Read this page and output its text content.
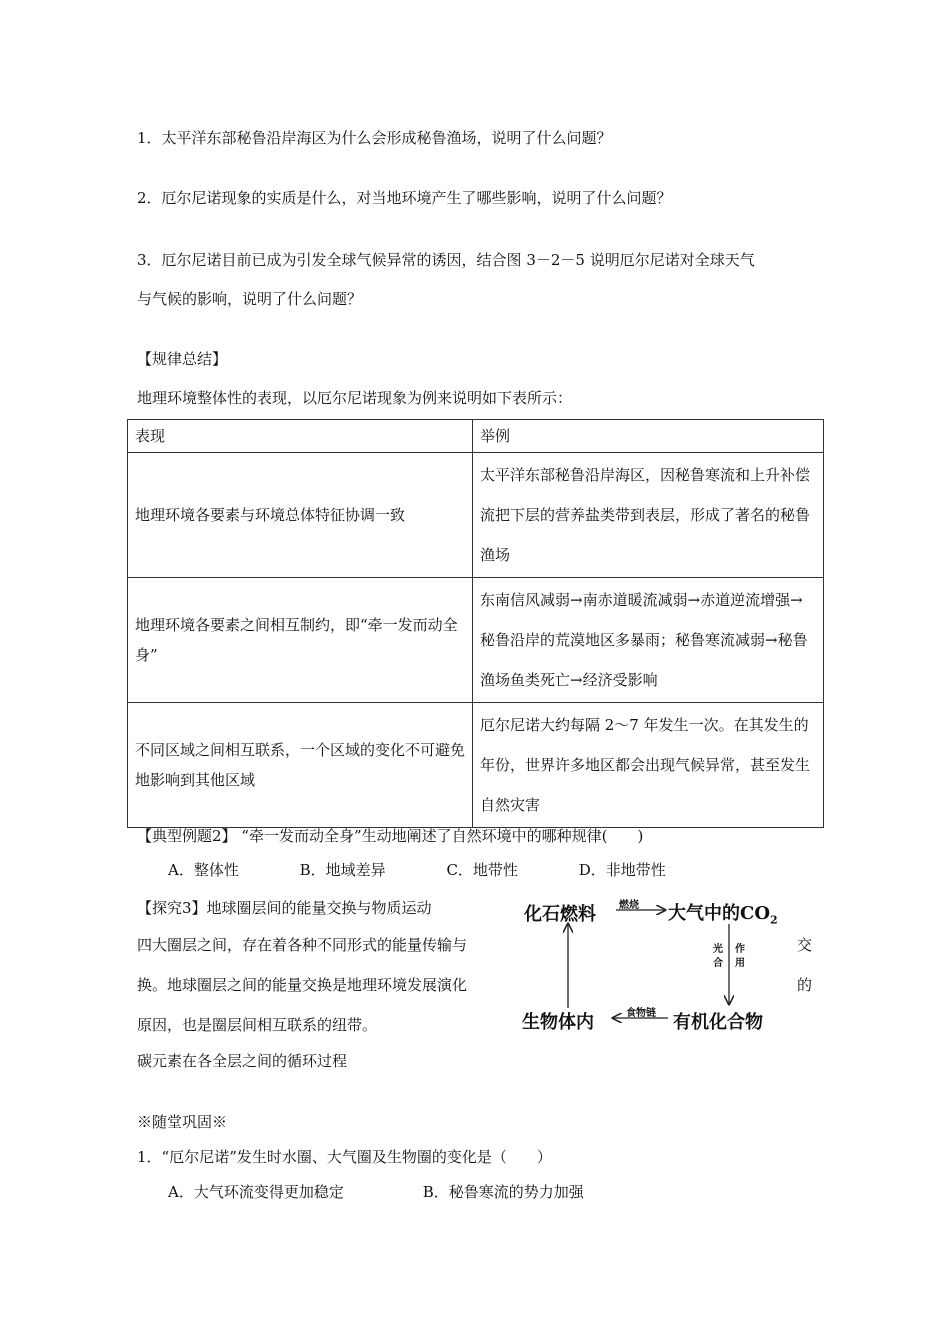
1．太平洋东部秘鲁沿岸海区为什么会形成秘鲁渔场，说明了什么问题？
2．厄尔尼诺现象的实质是什么，对当地环境产生了哪些影响，说明了什么问题？
3．厄尔尼诺目前已成为引发全球气候异常的诱因，结合图 3－2－5 说明厄尔尼诺对全球天气
与气候的影响，说明了什么问题？
【规律总结】
地理环境整体性的表现，以厄尔尼诺现象为例来说明如下表所示：
表现	举例
地理环境各要素与环境总体特征协调一致	太平洋东部秘鲁沿岸海区，因秘鲁寒流和上升补偿流把下层的营养盐类带到表层，形成了著名的秘鲁渔场
地理环境各要素之间相互制约，即“牵一发而动全身”	东南信风减弱→南赤道暖流减弱→赤道逆流增强→秘鲁沿岸的荒漠地区多暴雨；秘鲁寒流减弱→秘鲁渔场鱼类死亡→经济受影响
不同区域之间相互联系，一个区域的变化不可避免地影响到其他区域	厄尔尼诺大约每隔 2～7 年发生一次。在其发生的年份，世界许多地区都会出现气候异常，甚至发生自然灾害
【典型例题2】 “牵一发而动全身”生动地阐述了自然环境中的哪种规律(　　)
A．整体性	B．地域差异	C．地带性	D．非地带性
【探究3】地球圈层间的能量交换与物质运动
四大圈层之间，存在着各种不同形式的能量传输与
换。地球圈层之间的能量交换是地理环境发展演化
原因，也是圈层间相互联系的纽带。
碳元素在各全层之间的循环过程
交
的
化石燃料	大气中的$CO_2$
生物体内	有机化合物
燃烧
光
合
作
用
食物链
※随堂巩固※
1．“厄尔尼诺”发生时水圈、大气圈及生物圈的变化是（　　）
A．大气环流变得更加稳定	B．秘鲁寒流的势力加强
